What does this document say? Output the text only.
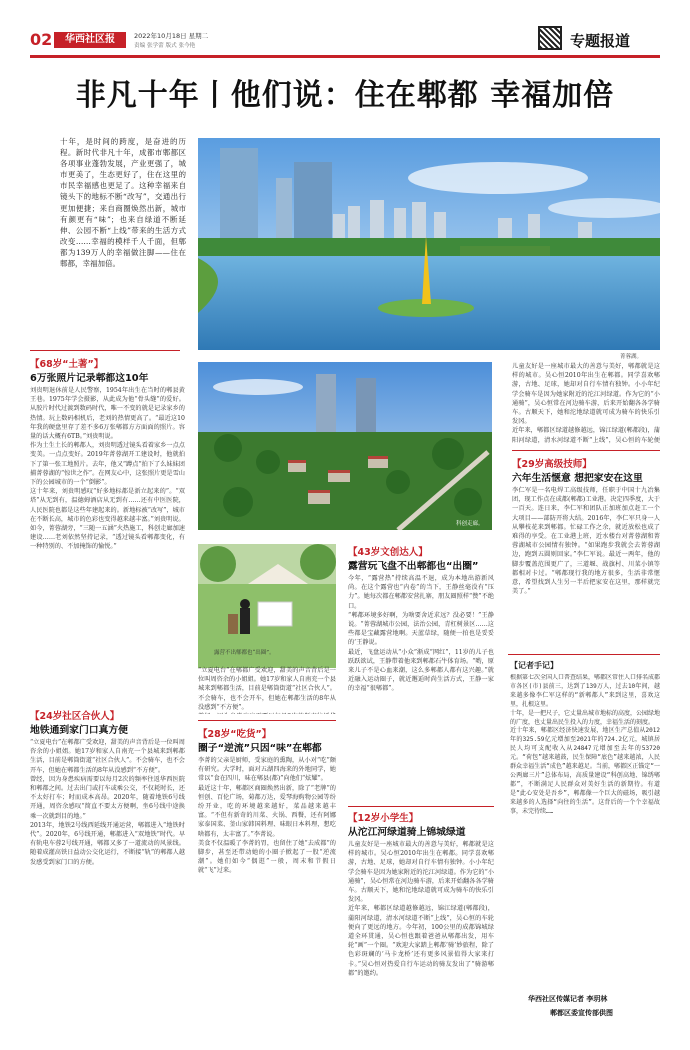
02	华西社区报	2022年10月18日 星期二
责编 张学蕾 版式 张今艳	专题报道
非凡十年丨他们说：住在郫都 幸福加倍
十年，是时间的跨度，是奋进的历程。新时代非凡十年，成都市郫都区各项事业蓬勃发展，产业更强了，城市更美了，生态更好了，住在这里的市民幸福感也更足了。这种幸福来自镜头下的地标不断“改写”，交通出行更加便捷；来自商圈焕然出新，城市有颜更有“味”；也来自绿道不断延伸、公园不断“上线”带来的生活方式改变……幸福的模样千人千面，但郫都为139万人的幸福做注脚——住在郫都，幸福加倍。
菁蓉湖。
【68岁“土著”】
6万张照片记录郫都这10年
刘贵明退休前是人民警察，1954年出生在当时的郫县黄王巷。1975年学会摄影，从此成为他“骨头缝”的爱好。从胶片时代过渡到数码时代，唯一不变的就是记录家乡的热情。玩上数码相机后，老刘的热情更高了。“最近这10年我的硬盘里存了差不多6万张郫都方方面面的照片。容量的话大概有6TB。”刘贵明说。
作为土生土长的郫都人，刘贵明透过镜头看着家乡一点点变美。一点点变好。2019年菁蓉湖开工建设时，他就拍下了第一张工地照片。去年，他又“蹲点”拍下了么妹妹团捕菁蓉湖的“惊世之作”。在网友心中，这张照片更是雪山下的公园城市的一个“倒影”。
这十年来，刘贵明感叹“好多地标都是新立起来的”。“双塔”从无到有，温德姆酒店从无到有……还有中医医院，人民医院也都是这些年建起来的。新地标被“改写”，城市在不断长高，城市的色彩也变得越来越丰富。”刘贵明说。
如今，菁蓉湖旁，“三随一五涵”火热施工，科创走廊加速建设……老刘依然坚持记录，“透过镜头看郫都变化，有一种特别的、不加掩饰的愉悦。”
【24岁社区合伙人】
地铁通到家门口真方便
“立夏电台”在郫都广受欢迎，甜美的声音背后是一位叫周咨余的小姐姐。她17岁和家人自南充一个县城来到郫都生活，目前是郫筒街道“社区合伙人”。不会骑车，也不会开车，但她在郫都生活的8年从没感到“不方便”。
曾经，因为身患疾病需要以每月2次的频率往返华西医院和郫都之间。过去出门或打车或乘公交，不仅耗时长，还不太好打车；时而成本高昂。2020年，随着地铁6号线开通，周咨余感叹“简直不要太方便啊，坐6号线中途换乘一次就到目的地。”
2013年，地铁2号线西延线开通运营，郫都进入“地铁时代”。2020年，6号线开通，郫都进入“双地铁”时代。早有轨电车蓉2号线开通，郫都又多了一道流动的风景线。随着成灌高铁日益动公交化运行，不断接“轨”的郫都人越发感受到家门口的方便。
科创走廊。
儿童友好是一座城市最大的善意与美好，郫都就是这样的城市。吴心恒2010年出生在郫都。同学喜欢郫游，古地、足球，她却对自行车情有独钟。小小年纪学会骑车是因为她家附近的沱江河绿道。作为它的“小通骑”，吴心恒常在河边骑车游，后来开始翻各各学骑车。古顺天下，她和沱地绿道就可成为骑车的快乐引发冈。
近年来，郫都区绿道越修越远，锦江绿道(郫都段)，蒲阳河绿道，清水河绿道不断“上线”，吴心恒的车轮便
露营不出郫都也“出圈”。
“立夏电台”在郫都广受欢迎，甜美的声音背后是一位叫周咨余的小姐姐。她17岁和家人自南充一个县城来到郫都生活，目前是郫筒街道“社区合伙人”。不会骑车，也不会开车，但她在郫都生活的8年从没感到“不方便”。

【28岁“吃货”】
圈子“逆流”只因“味”在郫都
李菁的父亲是厨师，受家庭的熏陶，从小对“吃”颇有研究。大学时，面对五湖四海来的外地同学，她常以“食在四川，味在郫县(都)”向他们“炫耀”。
最近这十年，郫都区商圈焕然出新，除了“老牌”的恒创、百伦广场，菊都万达，爱琴海购物公园等纷纷开业，吃的环境越来越好，菜品越来越丰富。“不但有新奇的川菜、火锅、西餐，还有阿娜家泰国菜、釜山家韩国料理、味眼日本料理，想吃啥都有，太丰富了。”李菁说。
美食不仅温暖了李菁的胃，也留住了她“去成都”的脚步，甚至还带动她的小圈子掀起了一股“逆流潮”。她们如今“偶逛”一般，周末和节假日就“飞”过来。
【43岁文创达人】
露营玩飞盘不出郫都也“出圈”
今年，“露营热”持续高温不退，成为本地出游新风尚。在这个露营也“内卷”的当下，王静丝毫没有“压力”。她每次都在郫都安营扎寨，朋友圈照样“赞”不绝口。
“郫都环境多好啊，为啥要舍近求远？没必要！”王静说。“菁蓉湖城市公园，法治公园，青杠树景区……这些都是宝藏露营地啊。天蓝草绿，随便一拍也是妥妥的‘王静说。
最近，飞盘运动从“小众”渐成“网红”，11岁的儿子也跃跃欲试，王静带着他来到郫都石牛体育场。“哟，原来儿子不是心血来潮，这么多郫都人都有这兴趣。”就近融入运动圈子，就近邂逅时尚生活方式，王静一家的幸福“很郫都”。
【12岁小学生】
从沱江河绿道骑上锦城绿道
儿童友好是一座城市最大的善意与美好，郫都就是这样的城市。吴心恒2010年出生在郫都。同学喜欢郫游，古地、足球，她却对自行车情有独钟。小小年纪学会骑车是因为她家附近的沱江河绿道。作为它的“小通骑”，吴心恒常在河边骑车游，后来开始翻各各学骑车。古顺天下，她和沱地绿道就可成为骑车的快乐引发冈。
近年来，郫都区绿道越修越远，锦江绿道(郫都段)，蒲阳河绿道，清水河绿道不断“上线”，吴心恒的车轮便向了更远的地方。今年初，100公里的成都锦城绿道全环贯通，吴心恒也跟着爸爸从郫都出发，用车轮“画”一个圈。“欢迎大家踏上郫都‘骑’妙旅程，除了色彩斑斓的‘马卡龙桥’还有更多风景值得大家来打卡。”吴心恒对热爱自行车运动的骑友发出了“骑游郫都”的邀约。
【29岁高级技师】
六年生活惬意 想把家安在这里
李仁军是一名电焊工高级技师，任职于中国十九冶集团，现工作点在成都(郫都)工业港。决定四季度，大于一百天。连日来，李仁军和团队正加班加点赶工一个大项目——部防开将大结。2016年，李仁军只身一人从攀枝花来到郫都。忙碌工作之余，就近放松也成了难得的享受。在工业港上班，近水楼台对菁蓉湖和菁蓉湖城市公园情有独钟。“如果跑步我就会去菁蓉湖边，跑到五圆则回家。”李仁军说。最近一两年，他的脚步覆盖范围更广了，三道堰、战旗村、川菜小镇等都相对卡过。“郫都现行我的地方很多，生活非常惬意，希望找到人生另一半后把家安在这里，那样就完美了。”
【记者手记】
根据第七次全国人口普查结果，郫都区常住人口排名成都市各区(市)县前三，达到了139万人，过去10年间，越来越多像李仁军这样的“新郫都人”来到这里，喜欢这里，扎根这里。
十年，是一把尺子，它丈量出城市地标的高度，公园绿地的广度，也丈量出民生投入的力度，幸福生活的刻度。
近十年来，郫都区经济快速发展，地区生产总值从2012年的325.59亿元增加至2021年的724.2亿元，城镇居民人均可支配收入从24847元增加至去年的53720元。“荷包”越来越鼓，民生保障“底色”越来越浓，人民群众幸福生活“成色”越来越足。当前，郫都区正锚定“一公两廊三片”总体布局，高质量建设“科创高地、锦绣郫都”，不断满足人民群众对美好生活的新期待。有道是“此心安处是吾乡”，郫都像一个巨大的磁场，吸引越来越多的人选择“向往的生活”。这背后的一个个幸福故事，未完待续……
华西社区传媒记者 李玥林
郫都区委宣传部供图
